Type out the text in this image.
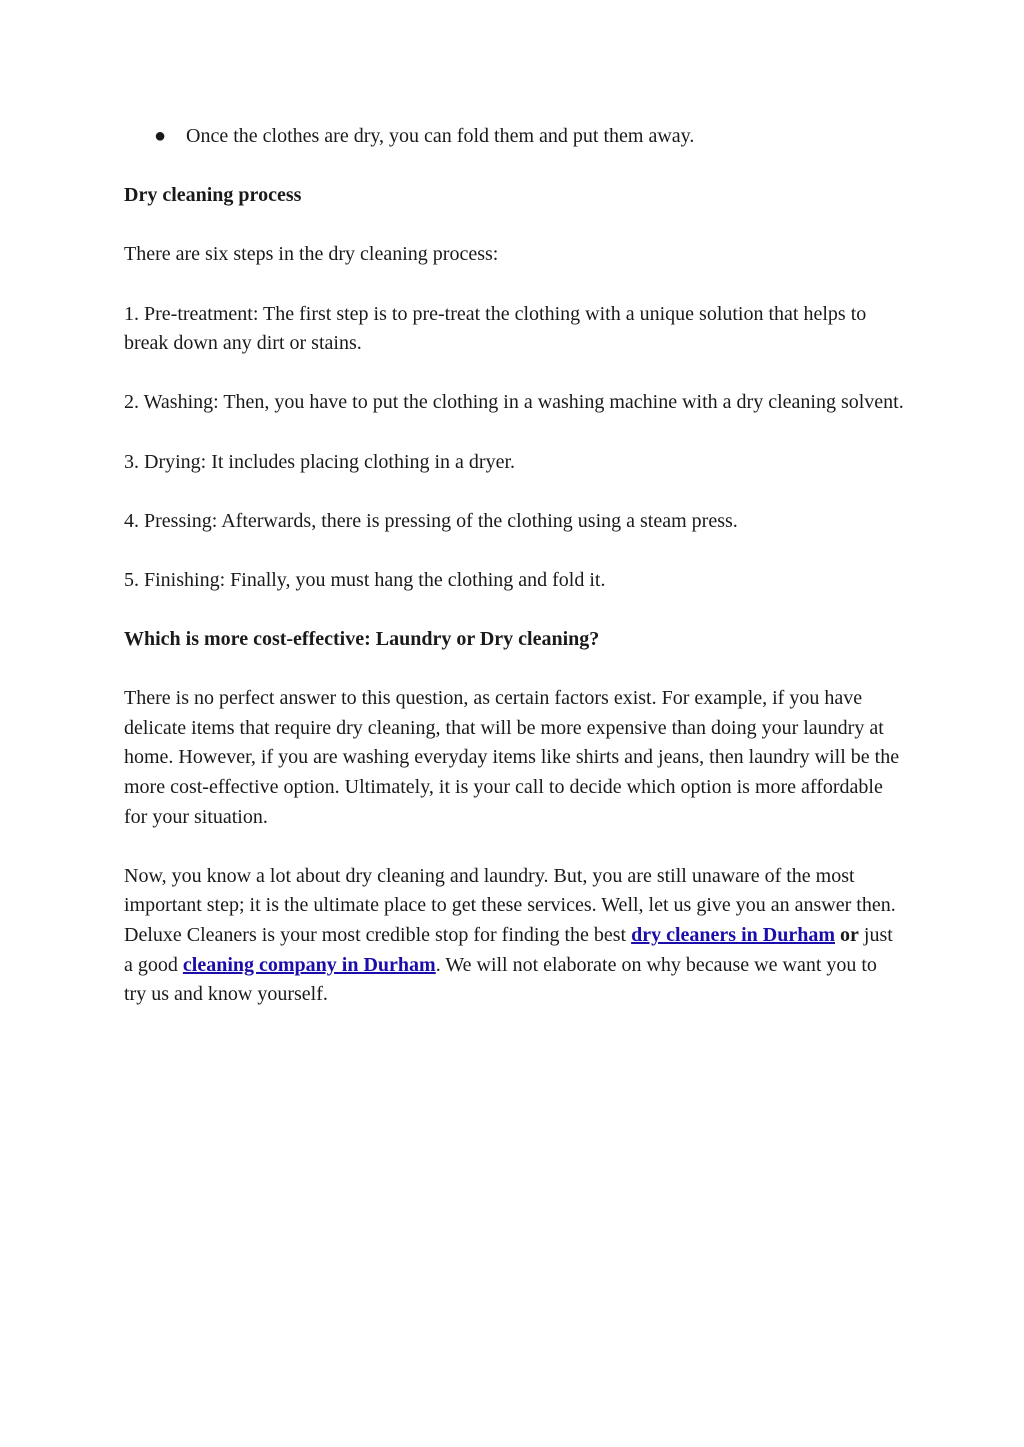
● Once the clothes are dry, you can fold them and put them away.
Dry cleaning process

There are six steps in the dry cleaning process:

1. Pre-treatment: The first step is to pre-treat the clothing with a unique solution that helps to break down any dirt or stains.

2. Washing: Then, you have to put the clothing in a washing machine with a dry cleaning solvent.

3. Drying: It includes placing clothing in a dryer.

4. Pressing: Afterwards, there is pressing of the clothing using a steam press.

5. Finishing: Finally, you must hang the clothing and fold it.

Which is more cost-effective: Laundry or Dry cleaning?

There is no perfect answer to this question, as certain factors exist. For example, if you have delicate items that require dry cleaning, that will be more expensive than doing your laundry at home. However, if you are washing everyday items like shirts and jeans, then laundry will be the more cost-effective option. Ultimately, it is your call to decide which option is more affordable for your situation.

Now, you know a lot about dry cleaning and laundry. But, you are still unaware of the most important step; it is the ultimate place to get these services. Well, let us give you an answer then. Deluxe Cleaners is your most credible stop for finding the best dry cleaners in Durham or just a good cleaning company in Durham. We will not elaborate on why because we want you to try us and know yourself.
